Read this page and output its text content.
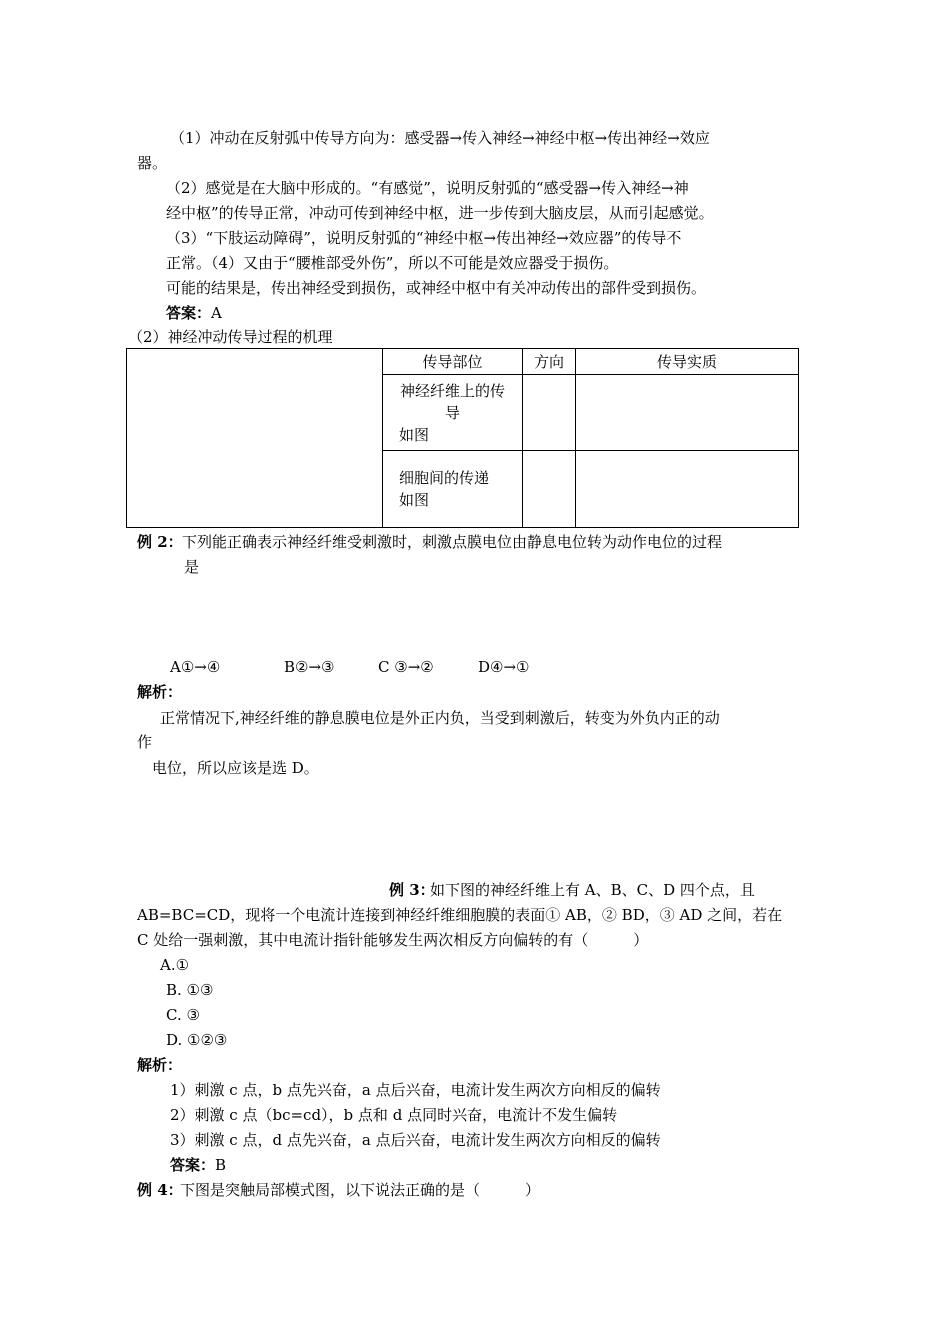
（1）冲动在反射弧中传导方向为：感受器→传入神经→神经中枢→传出神经→效应
器。
（2）感觉是在大脑中形成的。“有感觉”，说明反射弧的“感受器→传入神经→神
经中枢”的传导正常，冲动可传到神经中枢，进一步传到大脑皮层，从而引起感觉。
（3）“下肢运动障碍”，说明反射弧的“神经中枢→传出神经→效应器”的传导不
正常。（4）又由于“腰椎部受外伤”，所以不可能是效应器受于损伤。
可能的结果是，传出神经受到损伤，或神经中枢中有关冲动传出的部件受到损伤。
答案：A
（2）神经冲动传导过程的机理
	传导部位	方向	传导实质

	神经纤维上的传
导
如图		

	细胞间的传递
如图		

例 2： 下列能正确表示神经纤维受刺激时，刺激点膜电位由静息电位转为动作电位的过程
是
A①→④	B②→③	C ③→②	D④→①
解析：
正常情况下,神经纤维的静息膜电位是外正内负，当受到刺激后，转变为外负内正的动
作
电位，所以应该是选 D。
例 3：
如下图的神经纤维上有 A、B、C、D 四个点，且
AB=BC=CD，现将一个电流计连接到神经纤维细胞膜的表面① AB，② BD，③ AD 之间，若在
C 处给一强刺激，其中电流计指针能够发生两次相反方向偏转的有（　　　）
A.①
B. ①③
C. ③
D. ①②③
解析：
1）刺激 c 点，b 点先兴奋，a 点后兴奋，电流计发生两次方向相反的偏转
2）刺激 c 点（bc=cd），b 点和 d 点同时兴奋，电流计不发生偏转
3）刺激 c 点，d 点先兴奋，a 点后兴奋，电流计发生两次方向相反的偏转
答案：B
例 4：
下图是突触局部模式图，以下说法正确的是（　　　）
